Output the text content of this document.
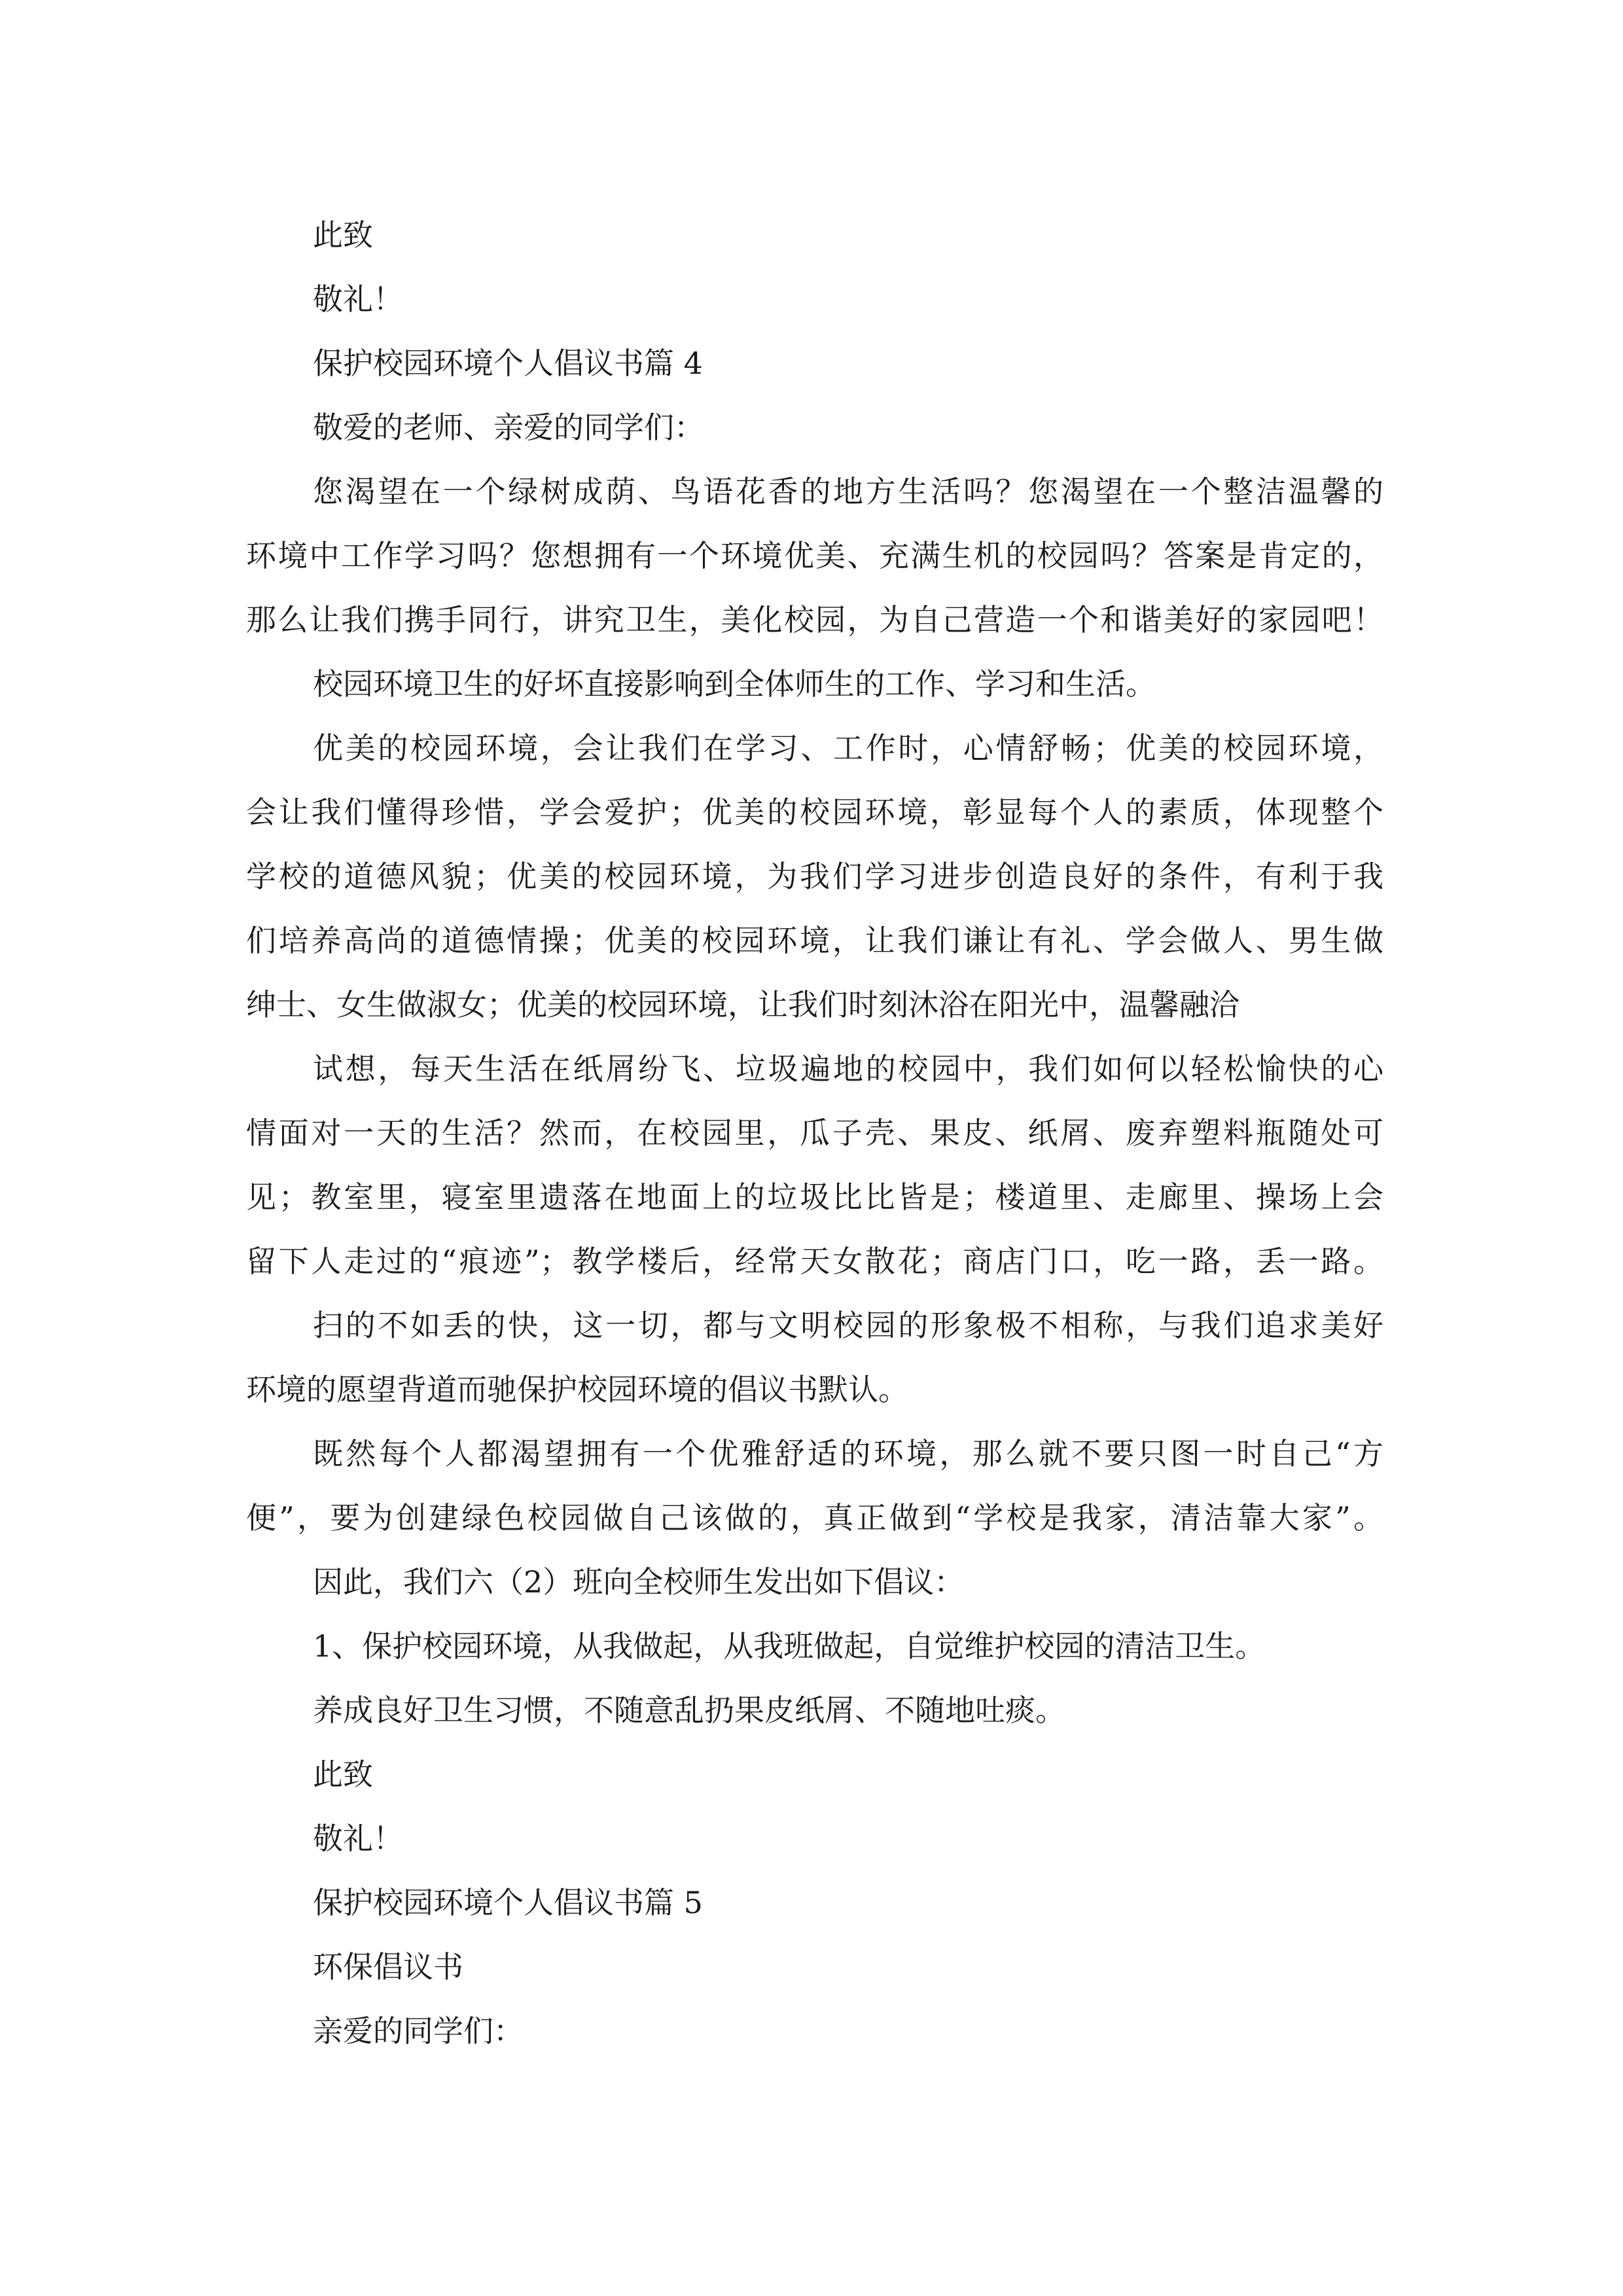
此致

敬礼！

保护校园环境个人倡议书篇 4

敬爱的老师、亲爱的同学们：

您渴望在一个绿树成荫、鸟语花香的地方生活吗？您渴望在一个整洁温馨的

环境中工作学习吗？您想拥有一个环境优美、充满生机的校园吗？答案是肯定的，

那么让我们携手同行，讲究卫生，美化校园，为自己营造一个和谐美好的家园吧！

校园环境卫生的好坏直接影响到全体师生的工作、学习和生活。

优美的校园环境，会让我们在学习、工作时，心情舒畅；优美的校园环境，

会让我们懂得珍惜，学会爱护；优美的校园环境，彰显每个人的素质，体现整个

学校的道德风貌；优美的校园环境，为我们学习进步创造良好的条件，有利于我

们培养高尚的道德情操；优美的校园环境，让我们谦让有礼、学会做人、男生做

绅士、女生做淑女；优美的校园环境，让我们时刻沐浴在阳光中，温馨融洽

试想，每天生活在纸屑纷飞、垃圾遍地的校园中，我们如何以轻松愉快的心

情面对一天的生活？然而，在校园里，瓜子壳、果皮、纸屑、废弃塑料瓶随处可

见；教室里，寝室里遗落在地面上的垃圾比比皆是；楼道里、走廊里、操场上会

留下人走过的“痕迹”；教学楼后，经常天女散花；商店门口，吃一路，丢一路。

扫的不如丢的快，这一切，都与文明校园的形象极不相称，与我们追求美好

环境的愿望背道而驰保护校园环境的倡议书默认。

既然每个人都渴望拥有一个优雅舒适的环境，那么就不要只图一时自己“方

便”，要为创建绿色校园做自己该做的，真正做到“学校是我家，清洁靠大家”。

因此，我们六（2）班向全校师生发出如下倡议：

1、保护校园环境，从我做起，从我班做起，自觉维护校园的清洁卫生。

养成良好卫生习惯，不随意乱扔果皮纸屑、不随地吐痰。

此致

敬礼！

保护校园环境个人倡议书篇 5

环保倡议书

亲爱的同学们：
